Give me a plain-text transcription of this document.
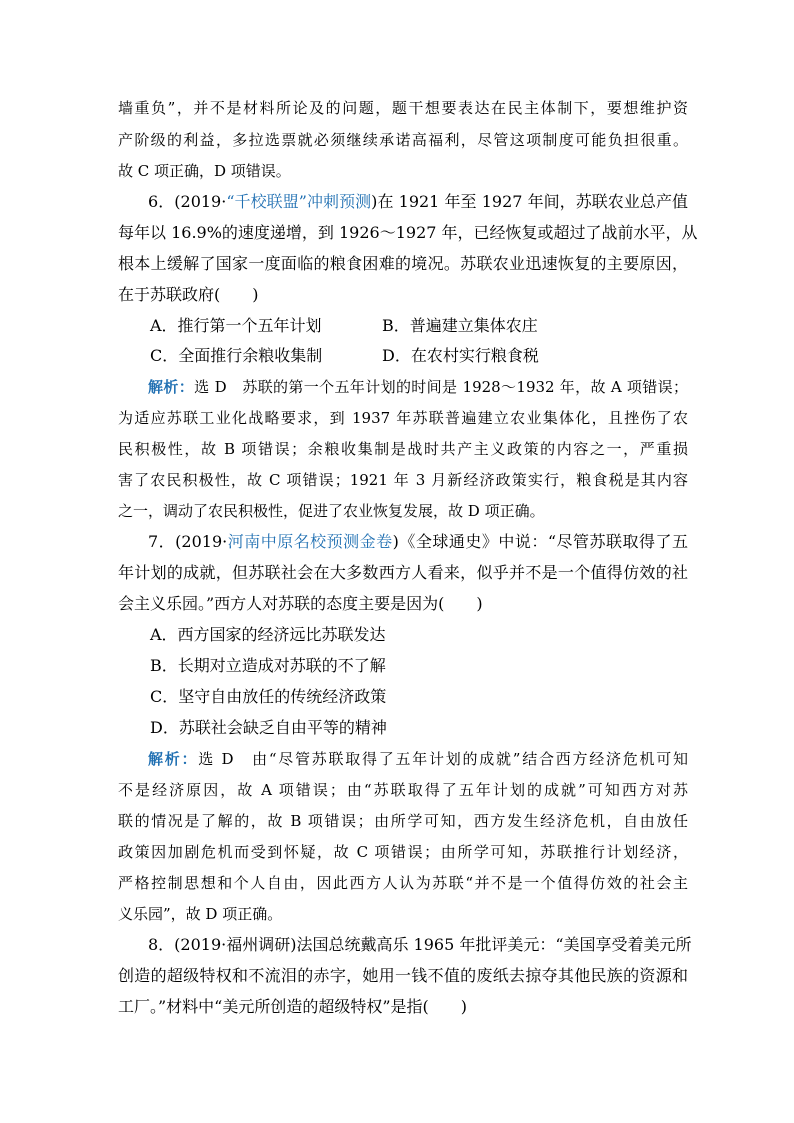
墙重负”，并不是材料所论及的问题，题干想要表达在民主体制下，要想维护资
产阶级的利益，多拉选票就必须继续承诺高福利，尽管这项制度可能负担很重。
故 C 项正确，D 项错误。
6．(2019·“千校联盟”冲刺预测)在 1921 年至 1927 年间，苏联农业总产值
每年以 16.9%的速度递增，到 1926～1927 年，已经恢复或超过了战前水平，从
根本上缓解了国家一度面临的粮食困难的境况。苏联农业迅速恢复的主要原因，
在于苏联政府(　　)
A．推行第一个五年计划	B．普遍建立集体农庄
C．全面推行余粮收集制	D．在农村实行粮食税
解析：选 D　苏联的第一个五年计划的时间是 1928～1932 年，故 A 项错误；
为适应苏联工业化战略要求，到 1937 年苏联普遍建立农业集体化，且挫伤了农
民积极性，故 B 项错误；余粮收集制是战时共产主义政策的内容之一，严重损
害了农民积极性，故 C 项错误；1921 年 3 月新经济政策实行，粮食税是其内容
之一，调动了农民积极性，促进了农业恢复发展，故 D 项正确。
7．(2019·河南中原名校预测金卷)《全球通史》中说：“尽管苏联取得了五
年计划的成就，但苏联社会在大多数西方人看来，似乎并不是一个值得仿效的社
会主义乐园。”西方人对苏联的态度主要是因为(　　)
A．西方国家的经济远比苏联发达
B．长期对立造成对苏联的不了解
C．坚守自由放任的传统经济政策
D．苏联社会缺乏自由平等的精神
解析：选 D　由“尽管苏联取得了五年计划的成就”结合西方经济危机可知
不是经济原因，故 A 项错误；由“苏联取得了五年计划的成就”可知西方对苏
联的情况是了解的，故 B 项错误；由所学可知，西方发生经济危机，自由放任
政策因加剧危机而受到怀疑，故 C 项错误；由所学可知，苏联推行计划经济，
严格控制思想和个人自由，因此西方人认为苏联“并不是一个值得仿效的社会主
义乐园”，故 D 项正确。
8．(2019·福州调研)法国总统戴高乐 1965 年批评美元：“美国享受着美元所
创造的超级特权和不流泪的赤字，她用一钱不值的废纸去掠夺其他民族的资源和
工厂。”材料中“美元所创造的超级特权”是指(　　)
